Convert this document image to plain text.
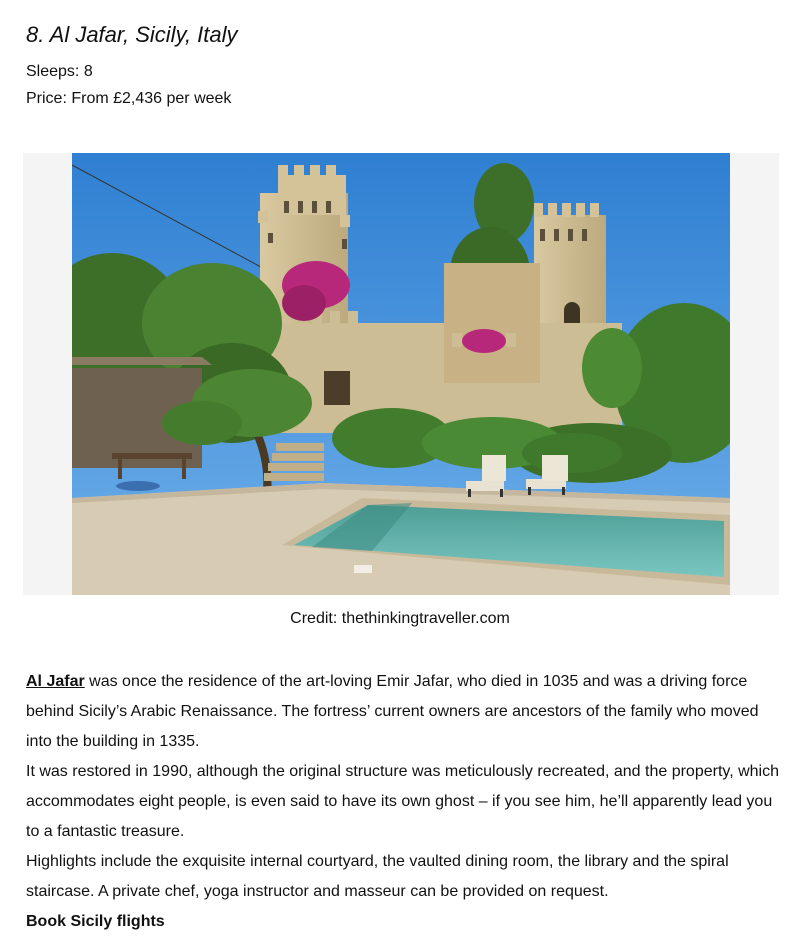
8. Al Jafar, Sicily, Italy
Sleeps: 8
Price: From £2,436 per week
Credit: thethinkingtraveller.com

Al Jafar was once the residence of the art-loving Emir Jafar, who died in 1035 and was a driving force behind Sicily’s Arabic Renaissance. The fortress’ current owners are ancestors of the family who moved into the building in 1335.

It was restored in 1990, although the original structure was meticulously recreated, and the property, which accommodates eight people, is even said to have its own ghost – if you see him, he’ll apparently lead you to a fantastic treasure.

Highlights include the exquisite internal courtyard, the vaulted dining room, the library and the spiral staircase. A private chef, yoga instructor and masseur can be provided on request.

Book Sicily flights
